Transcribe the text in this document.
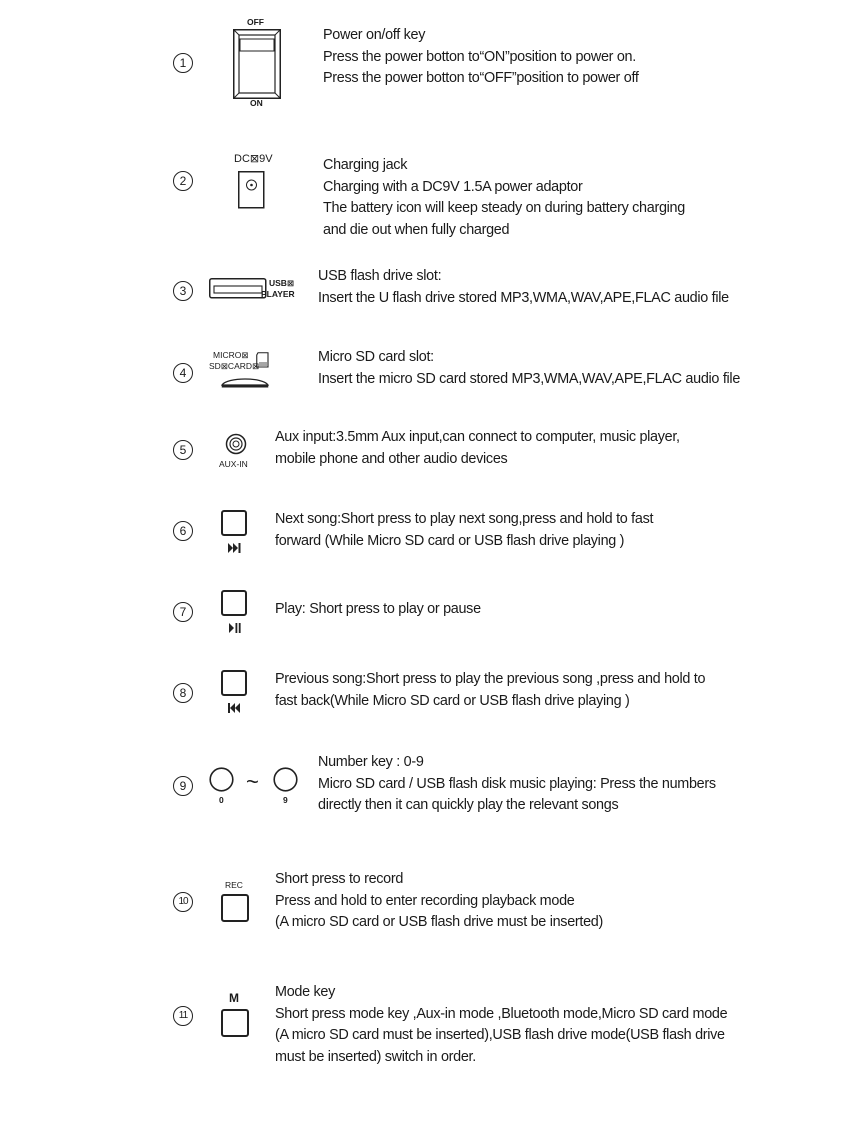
1
OFF
ON
Power on/off key
Press the power botton to“ON”position to power on.
Press the power botton to“OFF”position to power off
2
DC⊠9V	Charging jack
Charging with a DC9V 1.5A power adaptor
The battery icon will keep steady on during battery charging
and die out when fully charged
3
USB⊠
PLAYER
USB flash drive slot:
Insert the U flash drive stored MP3,WMA,WAV,APE,FLAC audio file
4
MICRO⊠
SD⊠CARD⊠
Micro SD card slot:
Insert the micro SD card stored MP3,WMA,WAV,APE,FLAC audio file
5
AUX-IN
Aux input:3.5mm Aux input,can connect to computer, music player,
mobile phone and other audio devices
6
Next song:Short press to play next song,press and hold to fast
forward (While Micro SD card or USB flash drive playing )
7	Play: Short press to play or pause
8
Previous song:Short press to play the previous song ,press and hold to
fast back(While Micro SD card or USB flash drive playing )
9
0
~
9
Number key : 0-9
Micro SD card / USB flash disk music playing: Press the numbers
directly then it can quickly play the relevant songs
10
REC Short press to record
Press and hold to enter recording playback mode
(A micro SD card or USB flash drive must be inserted)
11
M	Mode key
Short press mode key ,Aux-in mode ,Bluetooth mode,Micro SD card mode
(A micro SD card must be inserted),USB flash drive mode(USB flash drive
must be inserted) switch in order.
